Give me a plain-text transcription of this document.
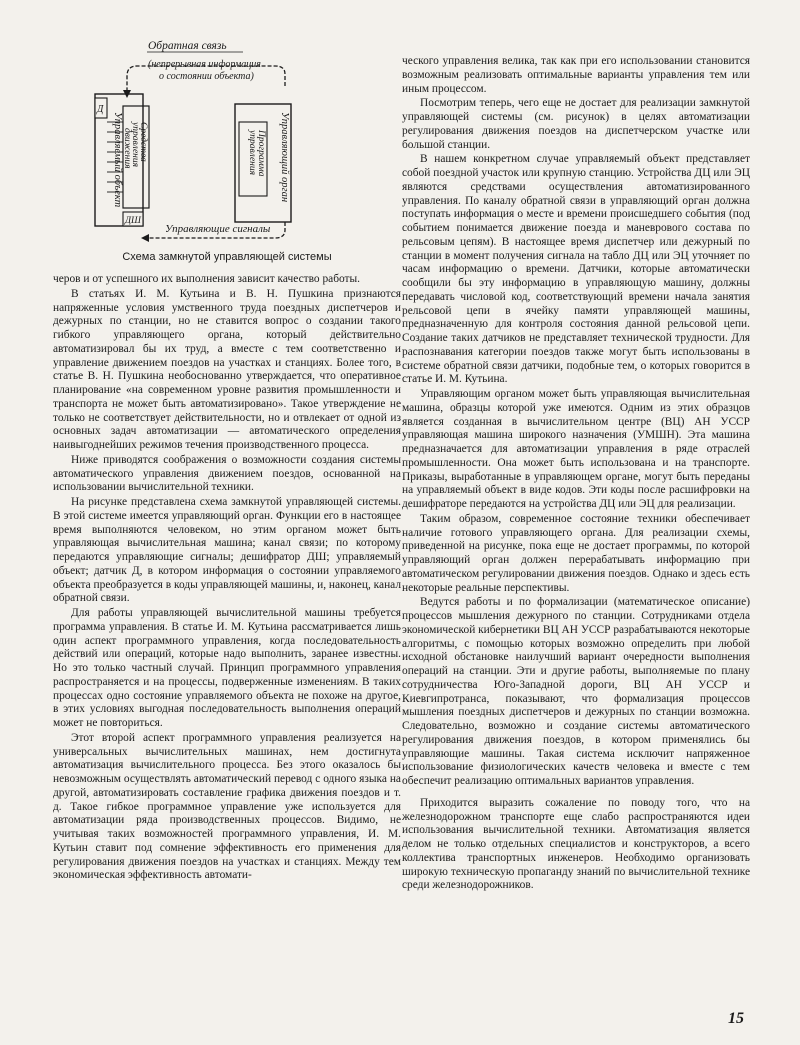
Обратная связь
(непрерывная информация
о состоянии объекта)
Управляемый объект
Д
Средства
управления
движения
ДШ
Управляющий орган
Программа
управления
Управляющие сигналы
Схема замкнутой управляющей системы

черов и от успешного их выполнения зависит качество работы.

В статьях И. М. Кутьина и В. Н. Пушкина признаются напряженные условия умственного труда поездных диспетчеров и дежурных по станции, но не ставится вопрос о создании такого гибкого управляющего органа, который действительно автоматизировал бы их труд, а вместе с тем соответственно и управление движением поездов на участках и станциях. Более того, в статье В. Н. Пушкина необоснованно утверждается, что оперативное планирование «на современном уровне развития промышленности и транспорта не может быть автоматизировано». Такое утверждение не только не соответствует действительности, но и отвлекает от одной из основных задач автоматизации — автоматического определения наивыгоднейших режимов течения производственного процесса.

Ниже приводятся соображения о возможности создания системы автоматического управления движением поездов, основанной на использовании вычислительной техники.

На рисунке представлена схема замкнутой управляющей системы. В этой системе имеется управляющий орган. Функции его в настоящее время выполняются человеком, но этим органом может быть управляющая вычислительная машина; канал связи; по которому передаются управляющие сигналы; дешифратор ДШ; управляемый объект; датчик Д, в котором информация о состоянии управляемого объекта преобразуется в коды управляющей машины, и, наконец, канал обратной связи.

Для работы управляющей вычислительной машины требуется программа управления. В статье И. М. Кутьина рассматривается лишь один аспект программного управления, когда последовательность действий или операций, которые надо выполнить, заранее известны. Но это только частный случай. Принцип программного управления распространяется и на процессы, подверженные изменениям. В таких процессах одно состояние управляемого объекта не похоже на другое, в этих условиях выгодная последовательность выполнения операций может не повториться.

Этот второй аспект программного управления реализуется на универсальных вычислительных машинах, нем достигнута автоматизация вычислительного процесса. Без этого оказалось бы невозможным осуществлять автоматический перевод с одного языка на другой, автоматизировать составление графика движения поездов и т. д. Такое гибкое программное управление уже используется для автоматизации ряда производственных процессов. Видимо, не учитывая таких возможностей программного управления, И. М. Кутьин ставит под сомнение эффективность его применения для регулирования движения поездов на участках и станциях. Между тем экономическая эффективность автомати-

ческого управления велика, так как при его использовании становится возможным реализовать оптимальные варианты управления тем или иным процессом.

Посмотрим теперь, чего еще не достает для реализации замкнутой управляющей системы (см. рисунок) в целях автоматизации регулирования движения поездов на диспетчерском участке или большой станции.

В нашем конкретном случае управляемый объект представляет собой поездной участок или крупную станцию. Устройства ДЦ или ЭЦ являются средствами осуществления автоматизированного управления. По каналу обратной связи в управляющий орган должна поступать информация о месте и времени происшедшего события (под событием понимается движение поезда и маневрового состава по рельсовым цепям). В настоящее время диспетчер или дежурный по станции в момент получения сигнала на табло ДЦ или ЭЦ уточняет по часам информацию о времени. Датчики, которые автоматически сообщили бы эту информацию в управляющую машину, должны передавать числовой код, соответствующий времени начала занятия рельсовой цепи в ячейку памяти управляющей машины, предназначенную для контроля состояния данной рельсовой цепи. Создание таких датчиков не представляет технической трудности. Для распознавания категории поездов также могут быть использованы в системе обратной связи датчики, подобные тем, о которых говорится в статье И. М. Кутьина.

Управляющим органом может быть управляющая вычислительная машина, образцы которой уже имеются. Одним из этих образцов является созданная в вычислительном центре (ВЦ) АН УССР управляющая машина широкого назначения (УМШН). Эта машина предназначается для автоматизации управления в ряде отраслей промышленности. Она может быть использована и на транспорте. Приказы, выработанные в управляющем органе, могут быть переданы на управляемый объект в виде кодов. Эти коды после расшифровки на дешифраторе передаются на устройства ДЦ или ЭЦ для реализации.

Таким образом, современное состояние техники обеспечивает наличие готового управляющего органа. Для реализации схемы, приведенной на рисунке, пока еще не достает программы, по которой управляющий орган должен перерабатывать информацию при автоматическом регулировании движения поездов. Однако и здесь есть некоторые реальные перспективы.

Ведутся работы и по формализации (математическое описание) процессов мышления дежурного по станции. Сотрудниками отдела экономической кибернетики ВЦ АН УССР разрабатываются некоторые алгоритмы, с помощью которых возможно определить при любой исходной обстановке наилучший вариант очередности выполнения операций на станции. Эти и другие работы, выполняемые по плану сотрудничества Юго-Западной дороги, ВЦ АН УССР и Киевгипротранса, показывают, что формализация процессов мышления поездных диспетчеров и дежурных по станции возможна. Следовательно, возможно и создание системы автоматического регулирования движения поездов, в котором применялись бы управляющие машины. Такая система исключит напряженное использование физиологических качеств человека и вместе с тем обеспечит реализацию оптимальных вариантов управления.

Приходится выразить сожаление по поводу того, что на железнодорожном транспорте еще слабо распространяются идеи использования вычислительной техники. Автоматизация является делом не только отдельных специалистов и конструкторов, а всего коллектива транспортных инженеров. Необходимо организовать широкую техническую пропаганду знаний по вычислительной технике среди железнодорожников.

15
